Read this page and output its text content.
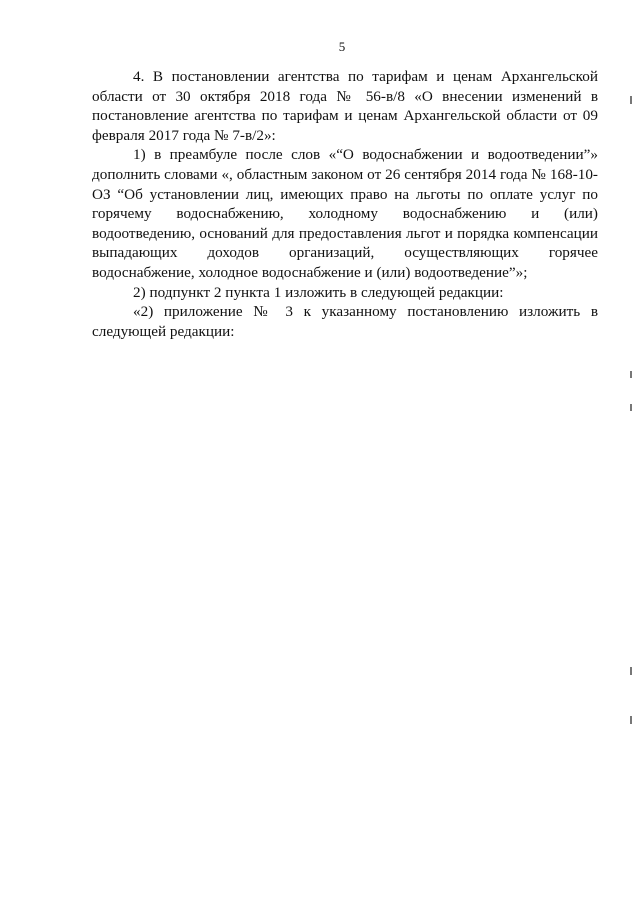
5

4. В постановлении агентства по тарифам и ценам Архангельской области от 30 октября 2018 года № 56-в/8 «О внесении изменений в постановление агентства по тарифам и ценам Архангельской области от 09 февраля 2017 года № 7-в/2»:

1) в преамбуле после слов «“О водоснабжении и водоотведении”» дополнить словами «, областным законом от 26 сентября 2014 года № 168-10-ОЗ “Об установлении лиц, имеющих право на льготы по оплате услуг по горячему водоснабжению, холодному водоснабжению и (или) водоотведению, оснований для предоставления льгот и порядка компенсации выпадающих доходов организаций, осуществляющих горячее водоснабжение, холодное водоснабжение и (или) водоотведение”»;

2) подпункт 2 пункта 1 изложить в следующей редакции:

«2) приложение № 3 к указанному постановлению изложить в следующей редакции:
